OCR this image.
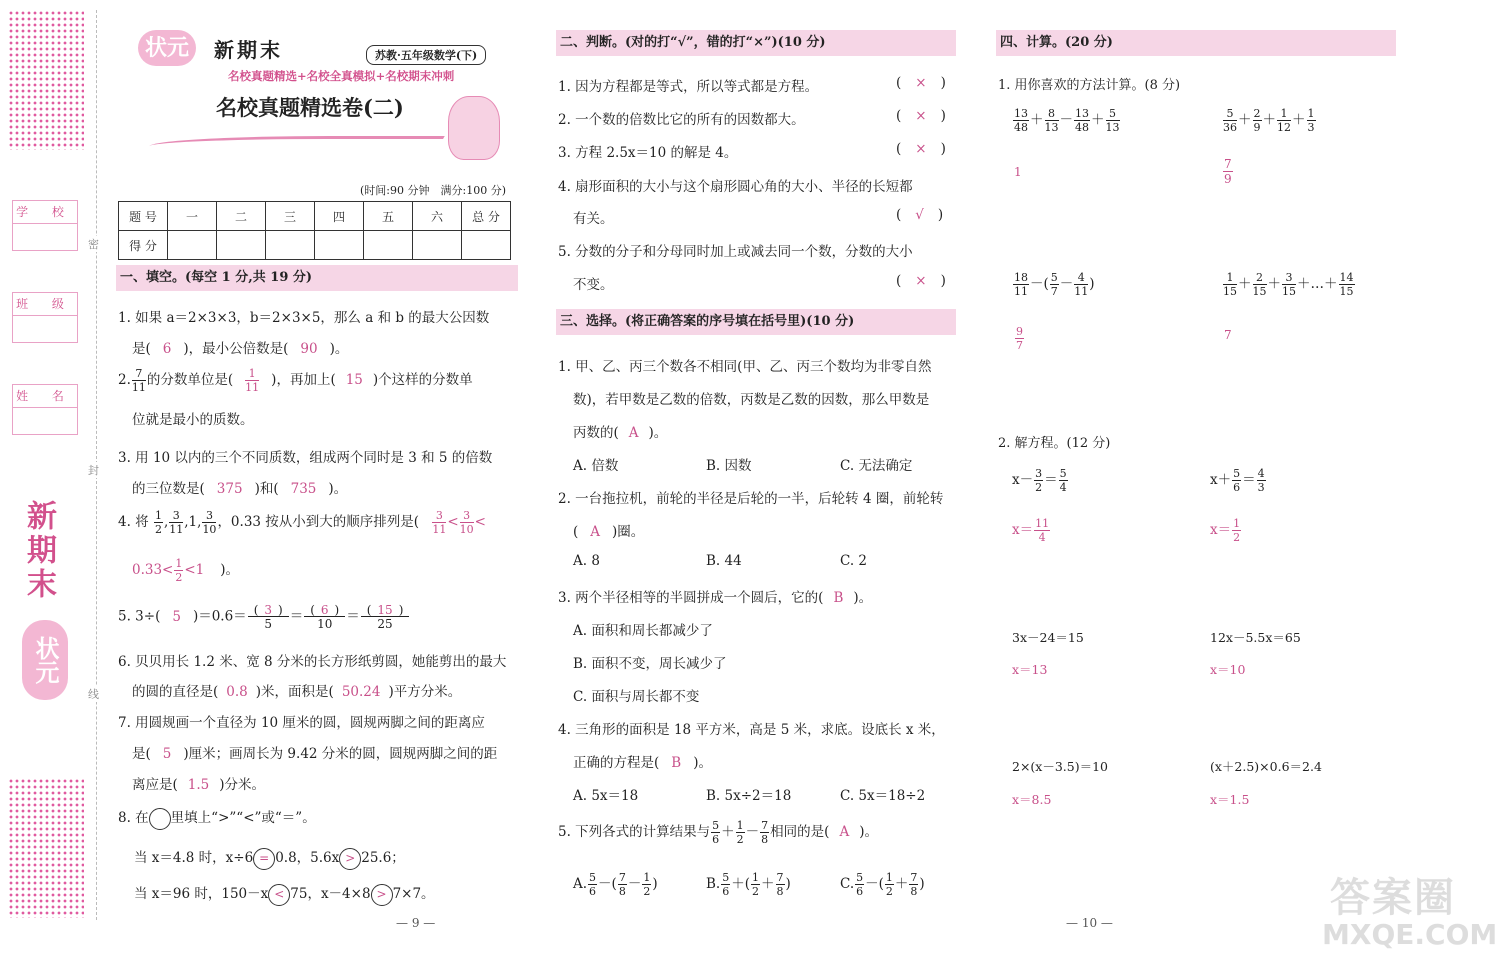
学 校
班 级
姓 名
新期末
状元
密
封
线
状元	新期末	苏教·五年级数学(下)
名校真题精选+名校全真模拟+名校期末冲刺
名校真题精选卷(二)
(时间:90 分钟　满分:100 分)
题 号	一	二	三	四	五	六	总 分
得 分							
一、填空。(每空 1 分,共 19 分)
1. 如果 a＝2×3×3，b＝2×3×5，那么 a 和 b 的最大公因数
是( 6 )，最小公倍数是( 90 )。
2. $\frac{7}{11}$ 的分数单位是( $\frac{1}{11}$ )，再加上( 15 )个这样的分数单
位就是最小的质数。
3. 用 10 以内的三个不同质数，组成两个同时是 3 和 5 的倍数
的三位数是( 375 )和( 735 )。
4. 将 $\frac{1}{2}$ , $\frac{3}{11} ,1$, $\frac{3}{10}$ ，0.33 按从小到大的顺序排列是( $\frac{3}{11} < \frac{3}{10}$ <
$0.33< \frac{1}{2} <1$ )。
5. 3÷( 5 )$=0.6= \frac{( 3 )}{5} = \frac{( 6 )}{10} = \frac{( 15 )}{25}$
6. 贝贝用长 1.2 米、宽 8 分米的长方形纸剪圆，她能剪出的最大
的圆的直径是( 0.8 )米，面积是( 50.24 )平方分米。
7. 用圆规画一个直径为 10 厘米的圆，圆规两脚之间的距离应
是( 5 )厘米；画周长为 9.42 分米的圆，圆规两脚之间的距
离应是( 1.5 )分米。
8. 在 里填上“>”“<”或“＝”。
当 x＝4.8 时，x÷6 = 0.8，5.6x > 25.6；
当 x＝96 时，150－x < 75，x－4×8 > 7×7。
— 9 —
二、判断。(对的打“√”，错的打“×”)(10 分)
1. 因为方程都是等式，所以等式都是方程。	( × )
2. 一个数的倍数比它的所有的因数都大。	( × )
3. 方程 2.5x＝10 的解是 4。	( × )
4. 扇形面积的大小与这个扇形圆心角的大小、半径的长短都
有关。	( √ )
5. 分数的分子和分母同时加上或减去同一个数，分数的大小
不变。	( × )
三、选择。(将正确答案的序号填在括号里)(10 分)
1. 甲、乙、丙三个数各不相同(甲、乙、丙三个数均为非零自然
数)，若甲数是乙数的倍数，丙数是乙数的因数，那么甲数是
丙数的( A )。
A. 倍数	B. 因数	C. 无法确定
2. 一台拖拉机，前轮的半径是后轮的一半，后轮转 4 圈，前轮转
( A )圈。
A. 8	B. 44	C. 2
3. 两个半径相等的半圆拼成一个圆后，它的( B )。
A. 面积和周长都减少了
B. 面积不变，周长减少了
C. 面积与周长都不变
4. 三角形的面积是 18 平方米，高是 5 米，求底。设底长 x 米，
正确的方程是( B )。
A. 5x＝18	B. 5x÷2＝18	C. 5x＝18÷2
5. 下列各式的计算结果与 $\frac{5}{6} + \frac{1}{2} - \frac{7}{8}$ 相同的是( A )。
A. $\frac{5}{6}$ －( $\frac{7}{8} - \frac{1}{2}$ )	B. $\frac{5}{6}$ ＋( $\frac{1}{2} + \frac{7}{8}$ )	C. $\frac{5}{6}$ －( $\frac{1}{2} + \frac{7}{8}$ )
四、计算。(20 分)
1. 用你喜欢的方法计算。(8 分)
$\frac{13}{48} + \frac{8}{13} - \frac{13}{48} + \frac{5}{13}$
1
$\frac{5}{36} + \frac{2}{9} + \frac{1}{12} + \frac{1}{3}$
$\frac{7}{9}$
$\frac{18}{11}$ －( $\frac{5}{7} - \frac{4}{11}$ )
$\frac{9}{7}$
$\frac{1}{15} + \frac{2}{15} + \frac{3}{15}$ ＋…＋ $\frac{14}{15}$
7
2. 解方程。(12 分)
$x- \frac{3}{2} = \frac{5}{4}$
$x= \frac{11}{4}$
$x+ \frac{5}{6} = \frac{4}{3}$
$x= \frac{1}{2}$
3x－24＝15
x＝13
12x－5.5x＝65
x＝10
2×(x－3.5)＝10
x＝8.5
(x＋2.5)×0.6＝2.4
x＝1.5
— 10 —
答案圈
MXQE.COM
